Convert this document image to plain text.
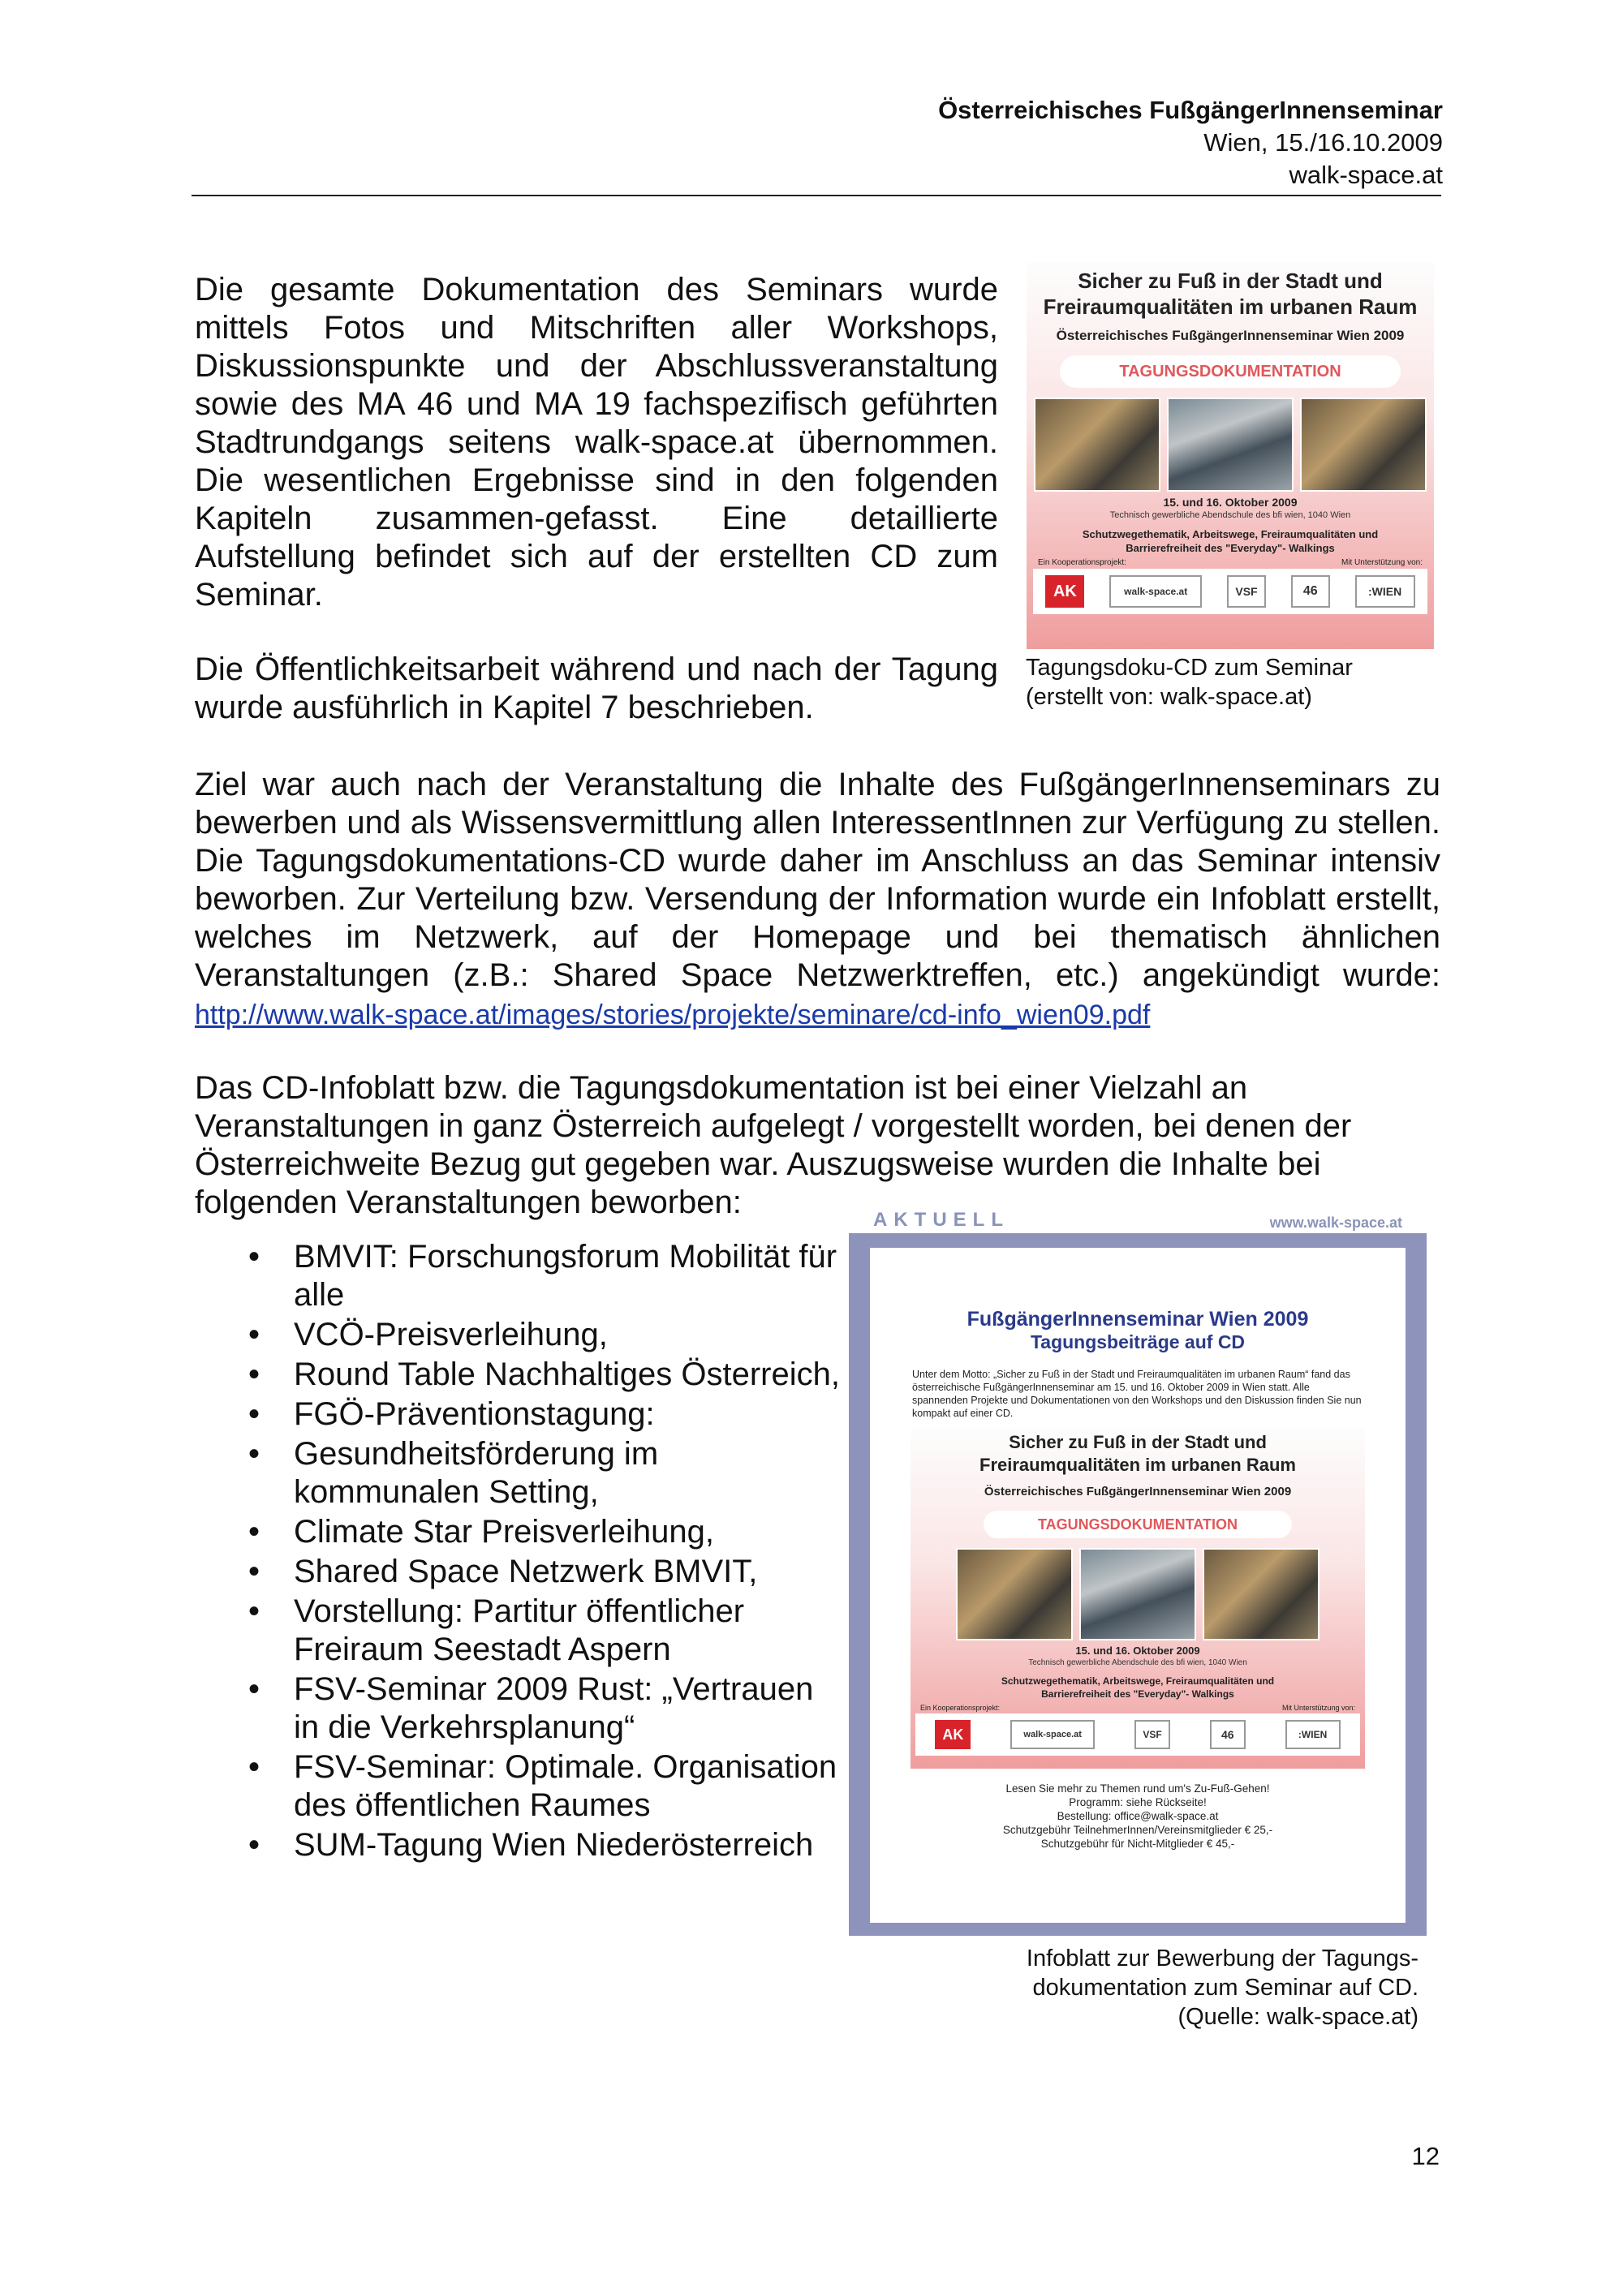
Österreichisches FußgängerInnenseminar
Wien, 15./16.10.2009
walk-space.at
Die gesamte Dokumentation des Seminars wurde mittels Fotos und Mitschriften aller Workshops, Diskussionspunkte und der Abschlussveranstaltung sowie des MA 46 und MA 19 fachspezifisch geführten Stadtrundgangs seitens walk-space.at übernommen. Die wesentlichen Ergebnisse sind in den folgenden Kapiteln zusammen-gefasst. Eine detaillierte Aufstellung befindet sich auf der erstellten CD zum Seminar.
Die Öffentlichkeitsarbeit während und nach der Tagung wurde ausführlich in Kapitel 7 beschrieben.
Sicher zu Fuß in der Stadt und
Freiraumqualitäten im urbanen Raum
Österreichisches FußgängerInnenseminar Wien 2009
TAGUNGSDOKUMENTATION
15. und 16. Oktober 2009
Technisch gewerbliche Abendschule des bfi wien, 1040 Wien
Schutzwegethematik, Arbeitswege, Freiraumqualitäten und
Barrierefreiheit des "Everyday"- Walkings
Ein Kooperationsprojekt:	Mit Unterstützung von:
AK	walk-space.at	VSF	46	:WIEN
Tagungsdoku-CD zum Seminar
(erstellt von: walk-space.at)
Ziel war auch nach der Veranstaltung die Inhalte des FußgängerInnenseminars zu bewerben und als Wissensvermittlung allen InteressentInnen zur Verfügung zu stellen. Die Tagungsdokumentations-CD wurde daher im Anschluss an das Seminar intensiv beworben. Zur Verteilung bzw. Versendung der Information wurde ein Infoblatt erstellt, welches im Netzwerk, auf der Homepage und bei thematisch ähnlichen Veranstaltungen (z.B.: Shared Space Netzwerktreffen, etc.) angekündigt wurde: http://www.walk-space.at/images/stories/projekte/seminare/cd-info_wien09.pdf
Das CD-Infoblatt bzw. die Tagungsdokumentation ist bei einer Vielzahl an Veranstaltungen in ganz Österreich aufgelegt / vorgestellt worden, bei denen der Österreichweite Bezug gut gegeben war. Auszugsweise wurden die Inhalte bei folgenden Veranstaltungen beworben:
• BMVIT: Forschungsforum Mobilität für alle
• VCÖ-Preisverleihung,
• Round Table Nachhaltiges Österreich,
• FGÖ-Präventionstagung:
• Gesundheitsförderung im kommunalen Setting,
• Climate Star Preisverleihung,
• Shared Space Netzwerk BMVIT,
• Vorstellung: Partitur öffentlicher Freiraum Seestadt Aspern
• FSV-Seminar 2009 Rust: „Vertrauen in die Verkehrsplanung“
• FSV-Seminar: Optimale. Organisation des öffentlichen Raumes
• SUM-Tagung Wien Niederösterreich
AKTUELL	www.walk-space.at
FußgängerInnenseminar Wien 2009
Tagungsbeiträge auf CD
Unter dem Motto: „Sicher zu Fuß in der Stadt und Freiraumqualitäten im urbanen Raum“ fand das österreichische FußgängerInnenseminar am 15. und 16. Oktober 2009 in Wien statt. Alle spannenden Projekte und Dokumentationen von den Workshops und den Diskussion finden Sie nun kompakt auf einer CD.
Sicher zu Fuß in der Stadt und
Freiraumqualitäten im urbanen Raum
Österreichisches FußgängerInnenseminar Wien 2009
TAGUNGSDOKUMENTATION
15. und 16. Oktober 2009
Technisch gewerbliche Abendschule des bfi wien, 1040 Wien
Schutzwegethematik, Arbeitswege, Freiraumqualitäten und
Barrierefreiheit des "Everyday"- Walkings
Ein Kooperationsprojekt:	Mit Unterstützung von:
AK	walk-space.at	VSF	46	:WIEN
Lesen Sie mehr zu Themen rund um's Zu-Fuß-Gehen!
Programm: siehe Rückseite!
Bestellung: office@walk-space.at
Schutzgebühr TeilnehmerInnen/Vereinsmitglieder € 25,-
Schutzgebühr für Nicht-Mitglieder € 45,-
Infoblatt zur Bewerbung der Tagungs-
dokumentation zum Seminar auf CD.
(Quelle: walk-space.at)
12
